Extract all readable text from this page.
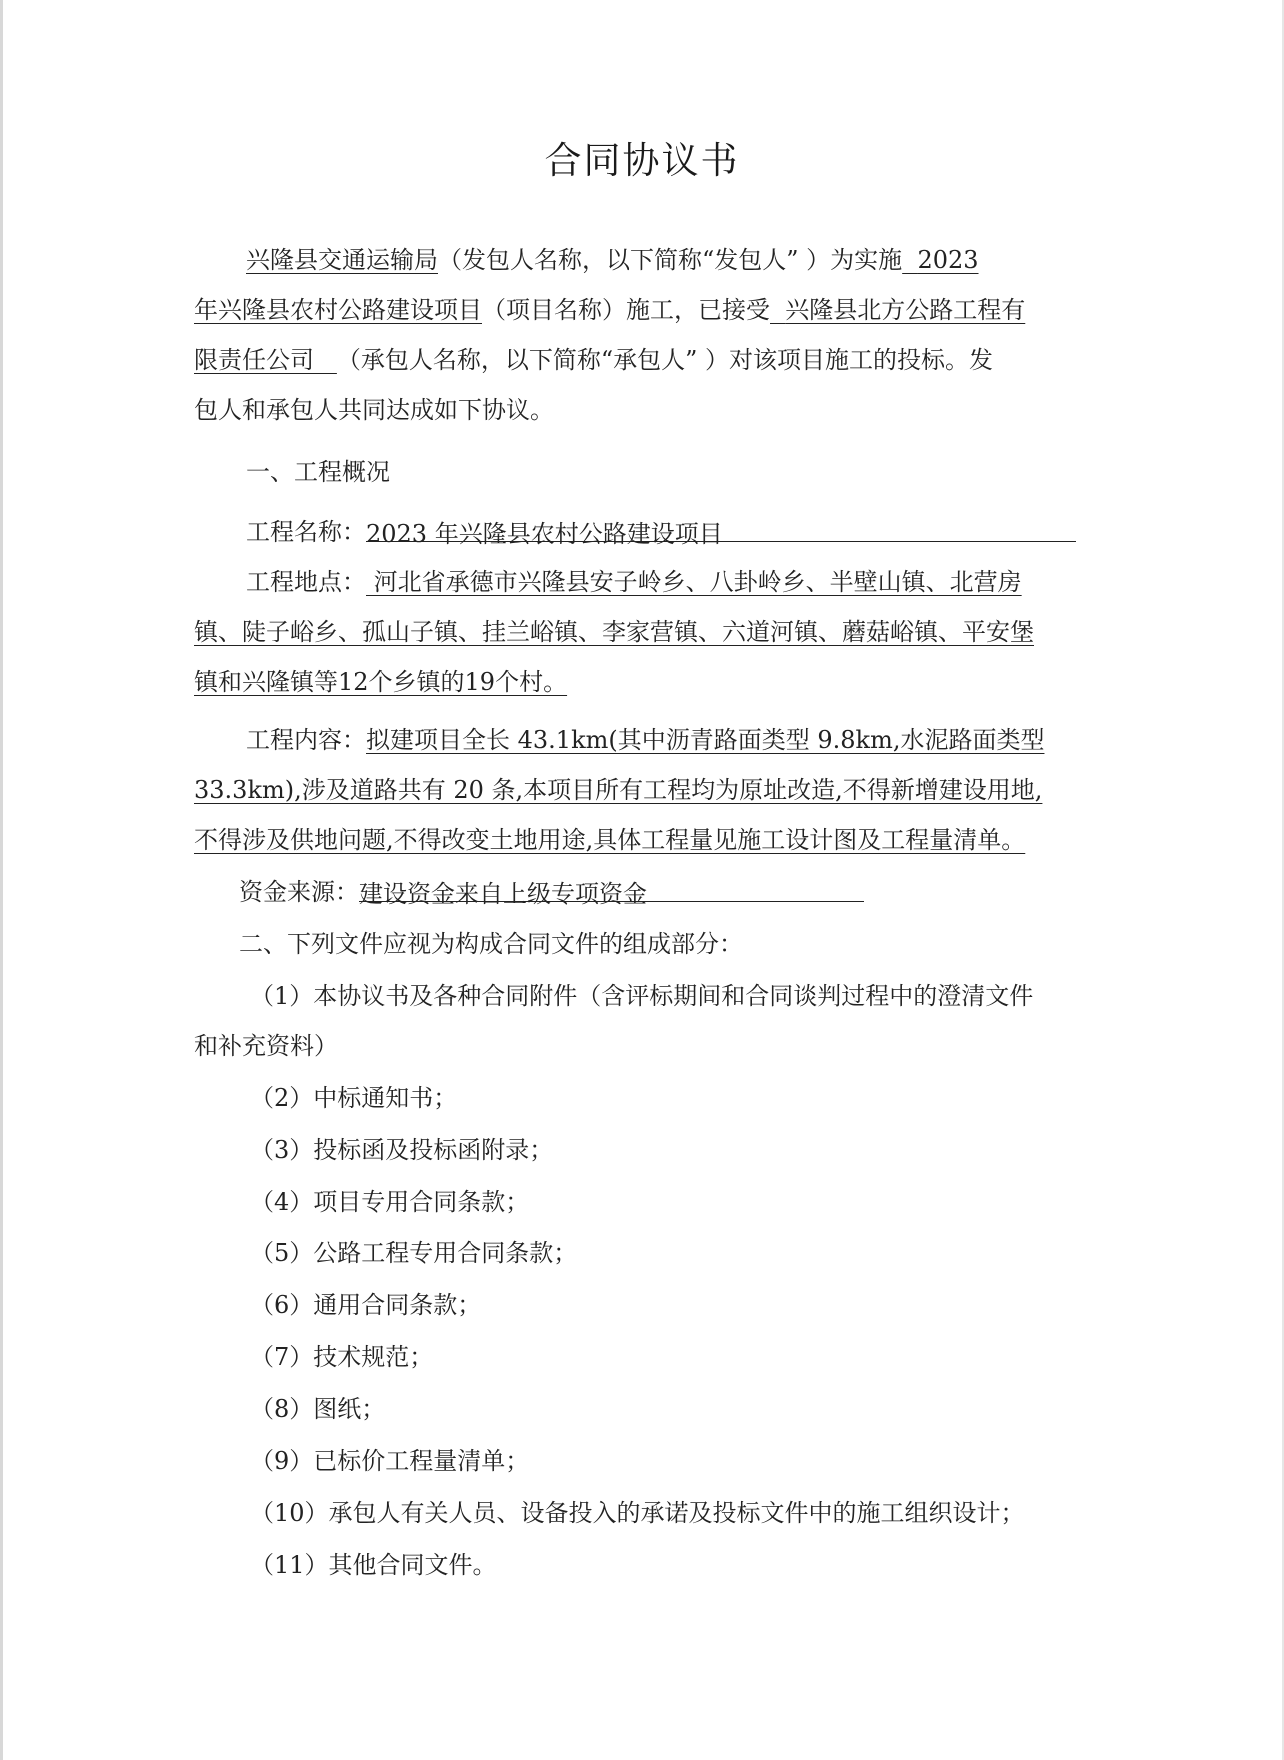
合同协议书
兴隆县交通运输局（发包人名称，以下简称“发包人” ）为实施 2023
年兴隆县农村公路建设项目（项目名称）施工，已接受 兴隆县北方公路工程有
限责任公司 （承包人名称，以下简称“承包人” ）对该项目施工的投标。发
包人和承包人共同达成如下协议。
一、工程概况
工程名称：2023 年兴隆县农村公路建设项目
工程地点： 河北省承德市兴隆县安子岭乡、八卦岭乡、半壁山镇、北营房
镇、陡子峪乡、孤山子镇、挂兰峪镇、李家营镇、六道河镇、蘑菇峪镇、平安堡
镇和兴隆镇等12个乡镇的19个村。
工程内容：拟建项目全长 43.1km(其中沥青路面类型 9.8km,水泥路面类型
33.3km),涉及道路共有 20 条,本项目所有工程均为原址改造,不得新增建设用地,
不得涉及供地问题,不得改变土地用途,具体工程量见施工设计图及工程量清单。
资金来源：建设资金来自上级专项资金
二、下列文件应视为构成合同文件的组成部分：
（1）本协议书及各种合同附件（含评标期间和合同谈判过程中的澄清文件
和补充资料）
（2）中标通知书；
（3）投标函及投标函附录；
（4）项目专用合同条款；
（5）公路工程专用合同条款；
（6）通用合同条款；
（7）技术规范；
（8）图纸；
（9）已标价工程量清单；
（10）承包人有关人员、设备投入的承诺及投标文件中的施工组织设计；
（11）其他合同文件。
